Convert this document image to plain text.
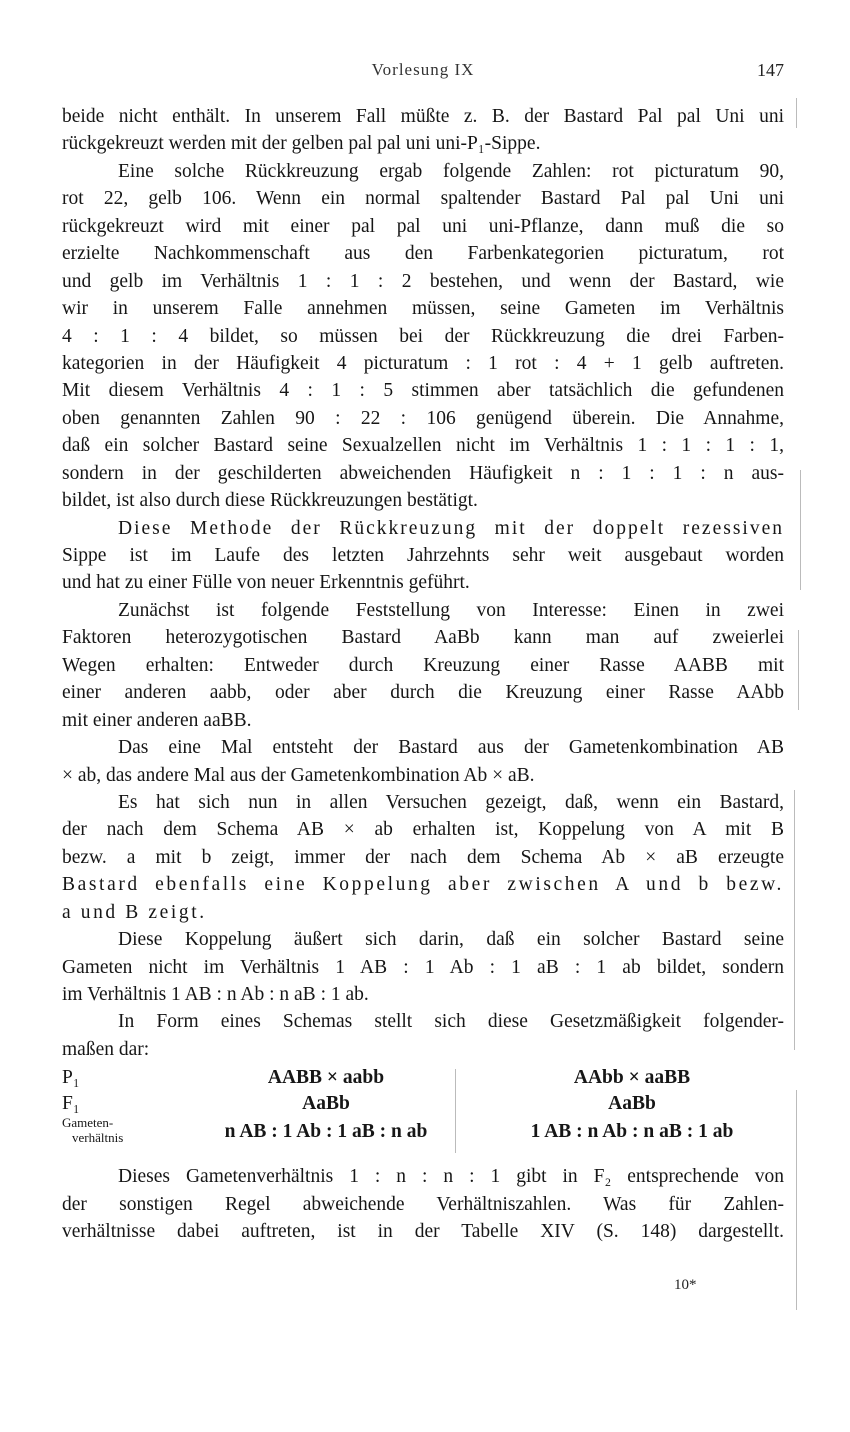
Vorlesung IX	147
beide nicht enthält. In unserem Fall müßte z. B. der Bastard Pal pal Uni uni
rückgekreuzt werden mit der gelben pal pal uni uni-P₁-Sippe.
Eine solche Rückkreuzung ergab folgende Zahlen: rot picturatum 90,
rot 22, gelb 106. Wenn ein normal spaltender Bastard Pal pal Uni uni
rückgekreuzt wird mit einer pal pal uni uni-Pflanze, dann muß die so
erzielte Nachkommenschaft aus den Farbenkategorien picturatum, rot
und gelb im Verhältnis 1 : 1 : 2 bestehen, und wenn der Bastard, wie
wir in unserem Falle annehmen müssen, seine Gameten im Verhältnis
4 : 1 : 4 bildet, so müssen bei der Rückkreuzung die drei Farben-
kategorien in der Häufigkeit 4 picturatum : 1 rot : 4 + 1 gelb auftreten.
Mit diesem Verhältnis 4 : 1 : 5 stimmen aber tatsächlich die gefundenen
oben genannten Zahlen 90 : 22 : 106 genügend überein. Die Annahme,
daß ein solcher Bastard seine Sexualzellen nicht im Verhältnis 1 : 1 : 1 : 1,
sondern in der geschilderten abweichenden Häufigkeit n : 1 : 1 : n aus-
bildet, ist also durch diese Rückkreuzungen bestätigt.
Diese Methode der Rückkreuzung mit der doppelt rezessiven
Sippe ist im Laufe des letzten Jahrzehnts sehr weit ausgebaut worden
und hat zu einer Fülle von neuer Erkenntnis geführt.
Zunächst ist folgende Feststellung von Interesse: Einen in zwei
Faktoren heterozygotischen Bastard AaBb kann man auf zweierlei
Wegen erhalten: Entweder durch Kreuzung einer Rasse AABB mit
einer anderen aabb, oder aber durch die Kreuzung einer Rasse AAbb
mit einer anderen aaBB.
Das eine Mal entsteht der Bastard aus der Gametenkombination AB
× ab, das andere Mal aus der Gametenkombination Ab × aB.
Es hat sich nun in allen Versuchen gezeigt, daß, wenn ein Bastard,
der nach dem Schema AB × ab erhalten ist, Koppelung von A mit B
bezw. a mit b zeigt, immer der nach dem Schema Ab × aB erzeugte
Bastard ebenfalls eine Koppelung aber zwischen A und b bezw.
a und B zeigt.
Diese Koppelung äußert sich darin, daß ein solcher Bastard seine
Gameten nicht im Verhältnis 1 AB : 1 Ab : 1 aB : 1 ab bildet, sondern
im Verhältnis 1 AB : n Ab : n aB : 1 ab.
In Form eines Schemas stellt sich diese Gesetzmäßigkeit folgender-
maßen dar:
P₁	AABB × aabb	AAbb × aaBB
F₁	AaBb	AaBb
Gameten-
verhältnis	n AB : 1 Ab : 1 aB : n ab	1 AB : n Ab : n aB : 1 ab
Dieses Gametenverhältnis 1 : n : n : 1 gibt in F₂ entsprechende von
der sonstigen Regel abweichende Verhältniszahlen. Was für Zahlen-
verhältnisse dabei auftreten, ist in der Tabelle XIV (S. 148) dargestellt.
10*
